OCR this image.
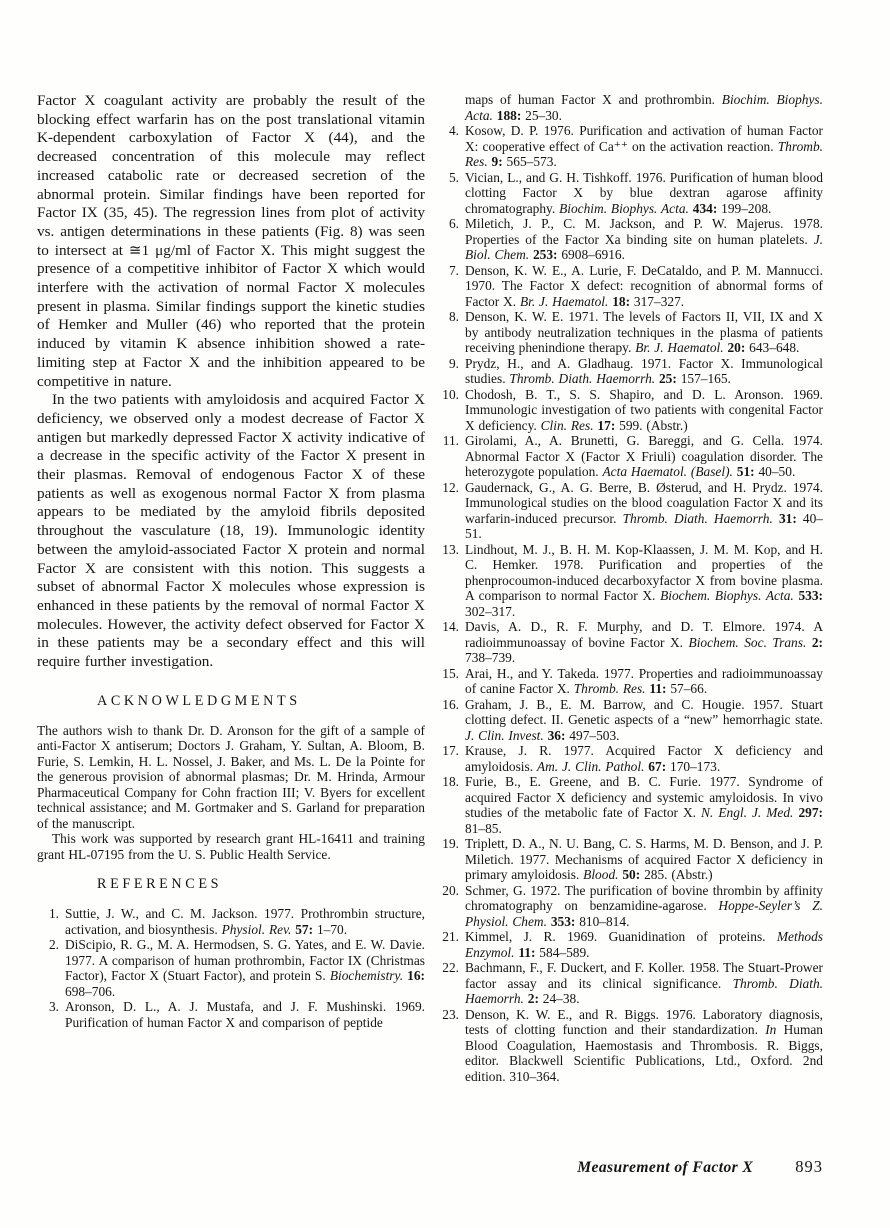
Factor X coagulant activity are probably the result of the blocking effect warfarin has on the post translational vitamin K-dependent carboxylation of Factor X (44), and the decreased concentration of this molecule may reflect increased catabolic rate or decreased secretion of the abnormal protein. Similar findings have been reported for Factor IX (35, 45). The regression lines from plot of activity vs. antigen determinations in these patients (Fig. 8) was seen to intersect at ≅1 μg/ml of Factor X. This might suggest the presence of a competitive inhibitor of Factor X which would interfere with the activation of normal Factor X molecules present in plasma. Similar findings support the kinetic studies of Hemker and Muller (46) who reported that the protein induced by vitamin K absence inhibition showed a rate-limiting step at Factor X and the inhibition appeared to be competitive in nature.

In the two patients with amyloidosis and acquired Factor X deficiency, we observed only a modest decrease of Factor X antigen but markedly depressed Factor X activity indicative of a decrease in the specific activity of the Factor X present in their plasmas. Removal of endogenous Factor X of these patients as well as exogenous normal Factor X from plasma appears to be mediated by the amyloid fibrils deposited throughout the vasculature (18, 19). Immunologic identity between the amyloid-associated Factor X protein and normal Factor X are consistent with this notion. This suggests a subset of abnormal Factor X molecules whose expression is enhanced in these patients by the removal of normal Factor X molecules. However, the activity defect observed for Factor X in these patients may be a secondary effect and this will require further investigation.

ACKNOWLEDGMENTS

The authors wish to thank Dr. D. Aronson for the gift of a sample of anti-Factor X antiserum; Doctors J. Graham, Y. Sultan, A. Bloom, B. Furie, S. Lemkin, H. L. Nossel, J. Baker, and Ms. L. De la Pointe for the generous provision of abnormal plasmas; Dr. M. Hrinda, Armour Pharmaceutical Company for Cohn fraction III; V. Byers for excellent technical assistance; and M. Gortmaker and S. Garland for preparation of the manuscript.

This work was supported by research grant HL-16411 and training grant HL-07195 from the U. S. Public Health Service.

REFERENCES
1. Suttie, J. W., and C. M. Jackson. 1977. Prothrombin structure, activation, and biosynthesis. Physiol. Rev. 57: 1–70.
2. DiScipio, R. G., M. A. Hermodsen, S. G. Yates, and E. W. Davie. 1977. A comparison of human prothrombin, Factor IX (Christmas Factor), Factor X (Stuart Factor), and protein S. Biochemistry. 16: 698–706.
3. Aronson, D. L., A. J. Mustafa, and J. F. Mushinski. 1969. Purification of human Factor X and comparison of peptide

maps of human Factor X and prothrombin. Biochim. Biophys. Acta. 188: 25–30.

4. Kosow, D. P. 1976. Purification and activation of human Factor X: cooperative effect of Ca⁺⁺ on the activation reaction. Thromb. Res. 9: 565–573.
5. Vician, L., and G. H. Tishkoff. 1976. Purification of human blood clotting Factor X by blue dextran agarose affinity chromatography. Biochim. Biophys. Acta. 434: 199–208.
6. Miletich, J. P., C. M. Jackson, and P. W. Majerus. 1978. Properties of the Factor Xa binding site on human platelets. J. Biol. Chem. 253: 6908–6916.
7. Denson, K. W. E., A. Lurie, F. DeCataldo, and P. M. Mannucci. 1970. The Factor X defect: recognition of abnormal forms of Factor X. Br. J. Haematol. 18: 317–327.
8. Denson, K. W. E. 1971. The levels of Factors II, VII, IX and X by antibody neutralization techniques in the plasma of patients receiving phenindione therapy. Br. J. Haematol. 20: 643–648.
9. Prydz, H., and A. Gladhaug. 1971. Factor X. Immunological studies. Thromb. Diath. Haemorrh. 25: 157–165.
10. Chodosh, B. T., S. S. Shapiro, and D. L. Aronson. 1969. Immunologic investigation of two patients with congenital Factor X deficiency. Clin. Res. 17: 599. (Abstr.)
11. Girolami, A., A. Brunetti, G. Bareggi, and G. Cella. 1974. Abnormal Factor X (Factor X Friuli) coagulation disorder. The heterozygote population. Acta Haematol. (Basel). 51: 40–50.
12. Gaudernack, G., A. G. Berre, B. Østerud, and H. Prydz. 1974. Immunological studies on the blood coagulation Factor X and its warfarin-induced precursor. Thromb. Diath. Haemorrh. 31: 40–51.
13. Lindhout, M. J., B. H. M. Kop-Klaassen, J. M. M. Kop, and H. C. Hemker. 1978. Purification and properties of the phenprocoumon-induced decarboxyfactor X from bovine plasma. A comparison to normal Factor X. Biochem. Biophys. Acta. 533: 302–317.
14. Davis, A. D., R. F. Murphy, and D. T. Elmore. 1974. A radioimmunoassay of bovine Factor X. Biochem. Soc. Trans. 2: 738–739.
15. Arai, H., and Y. Takeda. 1977. Properties and radioimmunoassay of canine Factor X. Thromb. Res. 11: 57–66.
16. Graham, J. B., E. M. Barrow, and C. Hougie. 1957. Stuart clotting defect. II. Genetic aspects of a “new” hemorrhagic state. J. Clin. Invest. 36: 497–503.
17. Krause, J. R. 1977. Acquired Factor X deficiency and amyloidosis. Am. J. Clin. Pathol. 67: 170–173.
18. Furie, B., E. Greene, and B. C. Furie. 1977. Syndrome of acquired Factor X deficiency and systemic amyloidosis. In vivo studies of the metabolic fate of Factor X. N. Engl. J. Med. 297: 81–85.
19. Triplett, D. A., N. U. Bang, C. S. Harms, M. D. Benson, and J. P. Miletich. 1977. Mechanisms of acquired Factor X deficiency in primary amyloidosis. Blood. 50: 285. (Abstr.)
20. Schmer, G. 1972. The purification of bovine thrombin by affinity chromatography on benzamidine-agarose. Hoppe-Seyler’s Z. Physiol. Chem. 353: 810–814.
21. Kimmel, J. R. 1969. Guanidination of proteins. Methods Enzymol. 11: 584–589.
22. Bachmann, F., F. Duckert, and F. Koller. 1958. The Stuart-Prower factor assay and its clinical significance. Thromb. Diath. Haemorrh. 2: 24–38.
23. Denson, K. W. E., and R. Biggs. 1976. Laboratory diagnosis, tests of clotting function and their standardization. In Human Blood Coagulation, Haemostasis and Thrombosis. R. Biggs, editor. Blackwell Scientific Publications, Ltd., Oxford. 2nd edition. 310–364.
Measurement of Factor X	893
